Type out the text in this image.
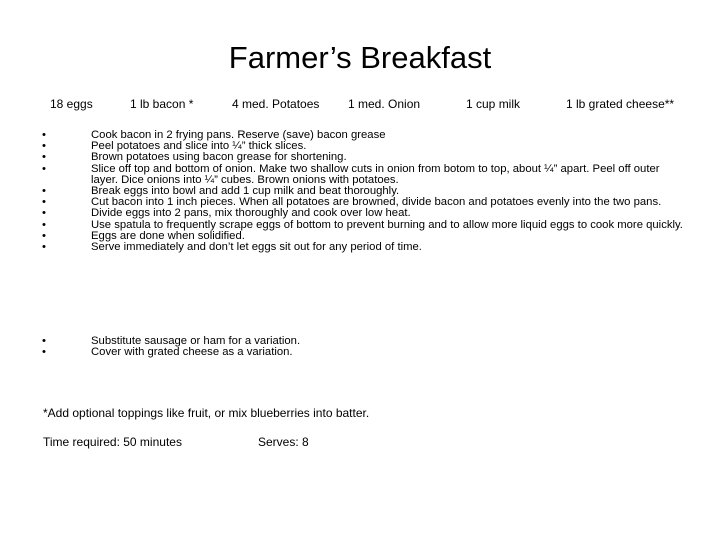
Farmer’s Breakfast
18 eggs	1 lb bacon *	4 med. Potatoes 1 med. Onion	1 cup milk	1 lb grated cheese**
•	Cook bacon in 2 frying pans. Reserve (save) bacon grease
•	Peel potatoes and slice into ¼” thick slices.
•	Brown potatoes using bacon grease for shortening.
•	Slice off top and bottom of onion. Make two shallow cuts in onion from botom to top, about ¼” apart. Peel off outer layer. Dice onions into ¼” cubes. Brown onions with potatoes.
•	Break eggs into bowl and add 1 cup milk and beat thoroughly.
•	Cut bacon into 1 inch pieces. When all potatoes are browned, divide bacon and potatoes evenly into the two pans.
•	Divide eggs into 2 pans, mix thoroughly and cook over low heat.
•	Use spatula to frequently scrape eggs of bottom to prevent burning and to allow more liquid eggs to cook more quickly.
•	Eggs are done when solidified.
•	Serve immediately and don’t let eggs sit out for any period of time.
•	Substitute sausage or ham for a variation.
•	Cover with grated cheese as a variation.
*Add optional toppings like fruit, or mix blueberries into batter.
Time required: 50 minutes	Serves: 8
